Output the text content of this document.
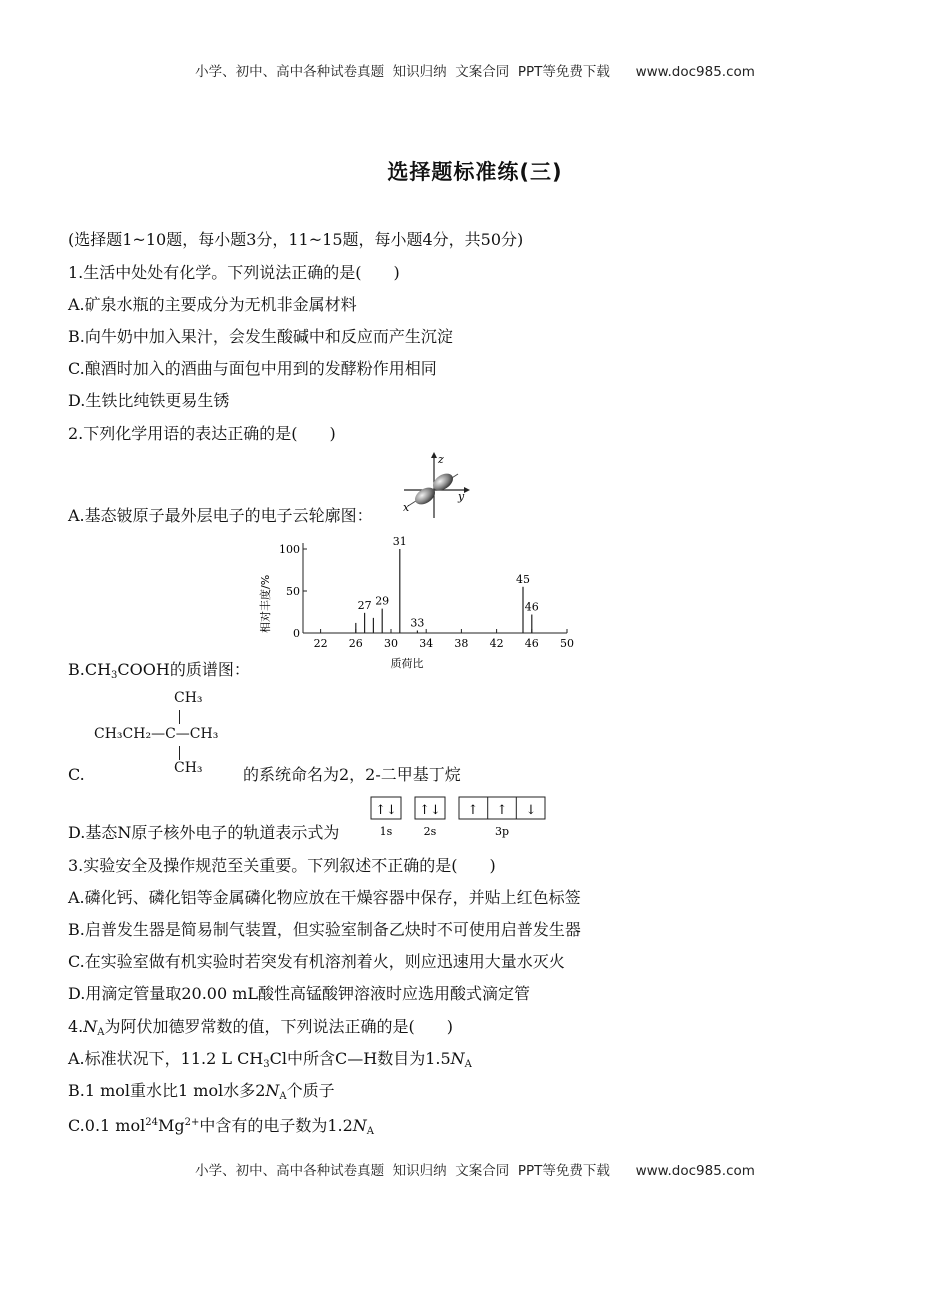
小学、初中、高中各种试卷真题  知识归纳  文案合同  PPT等免费下载      www.doc985.com
选择题标准练(三)
(选择题1~10题，每小题3分，11~15题，每小题4分，共50分)
1.生活中处处有化学。下列说法正确的是(　　)
A.矿泉水瓶的主要成分为无机非金属材料
B.向牛奶中加入果汁，会发生酸碱中和反应而产生沉淀
C.酿酒时加入的酒曲与面包中用到的发酵粉作用相同
D.生铁比纯铁更易生锈
2.下列化学用语的表达正确的是(　　)
z
y
x
A.基态铍原子最外层电子的电子云轮廓图：
27 29
31
33
45
46
0
50
100
22 26 30 34 38 42 46 50
相对丰度/%
质荷比
$B.CH_3COOH$的质谱图：
CH₃
CH₃CH₂—C—CH₃
CH₃
C.	的系统命名为2，2-二甲基丁烷
↑↓ ↑↓ ↑ ↑ ↓
1s	2s	3p
D.基态N原子核外电子的轨道表示式为
3.实验安全及操作规范至关重要。下列叙述不正确的是(　　)
A.磷化钙、磷化铝等金属磷化物应放在干燥容器中保存，并贴上红色标签
B.启普发生器是简易制气装置，但实验室制备乙炔时不可使用启普发生器
C.在实验室做有机实验时若突发有机溶剂着火，则应迅速用大量水灭火
D.用滴定管量取20.00 mL酸性高锰酸钾溶液时应选用酸式滴定管
$4.N_A$为阿伏加德罗常数的值，下列说法正确的是(　　)
A.标准状况下，11.2 L $CH_3Cl$中所含C—H数目为$1.5N_A$
B.1 mol重水比1 mol水多$2N_A$个质子
C.0.1 $mol^{24}Mg^{2+}$中含有的电子数为$1.2N_A$
小学、初中、高中各种试卷真题  知识归纳  文案合同  PPT等免费下载      www.doc985.com
